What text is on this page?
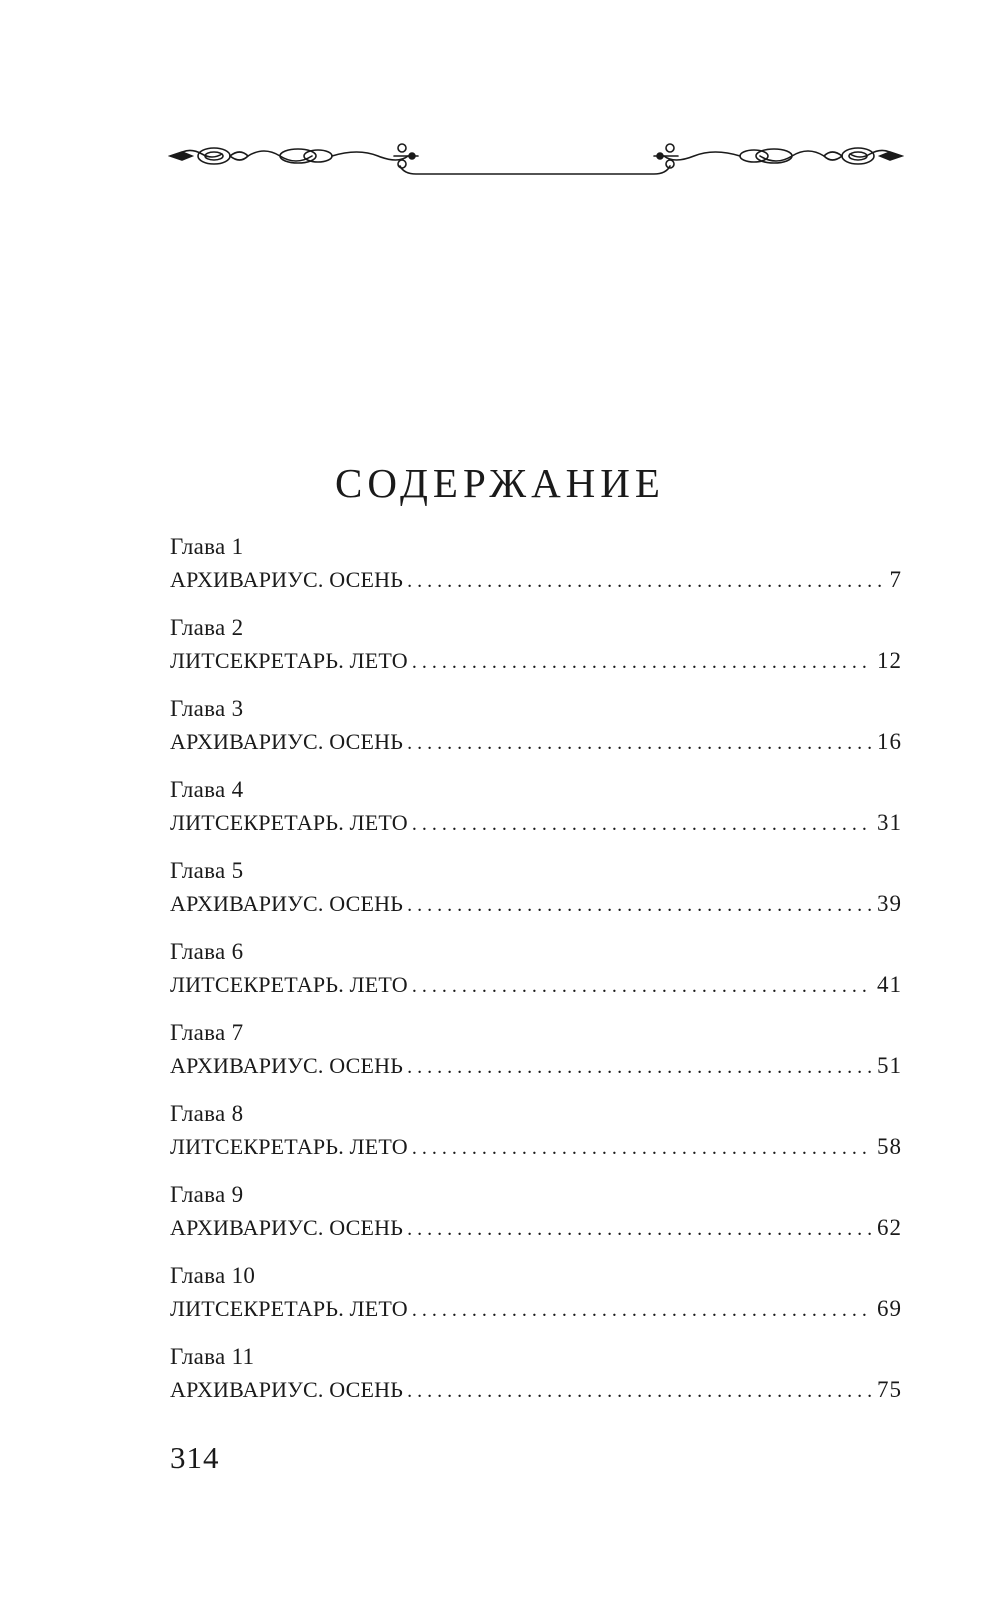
СОДЕРЖАНИЕ
Глава 1
АРХИВАРИУС. ОСЕНЬ . . .	7
Глава 2
ЛИТСЕКРЕТАРЬ. ЛЕТО . . .	12
Глава 3
АРХИВАРИУС. ОСЕНЬ . . .	16
Глава 4
ЛИТСЕКРЕТАРЬ. ЛЕТО . . .	31
Глава 5
АРХИВАРИУС. ОСЕНЬ . . .	39
Глава 6
ЛИТСЕКРЕТАРЬ. ЛЕТО . . .	41
Глава 7
АРХИВАРИУС. ОСЕНЬ . . .	51
Глава 8
ЛИТСЕКРЕТАРЬ. ЛЕТО . . .	58
Глава 9
АРХИВАРИУС. ОСЕНЬ . . .	62
Глава 10
ЛИТСЕКРЕТАРЬ. ЛЕТО . . .	69
Глава 11
АРХИВАРИУС. ОСЕНЬ . . .	75
314
